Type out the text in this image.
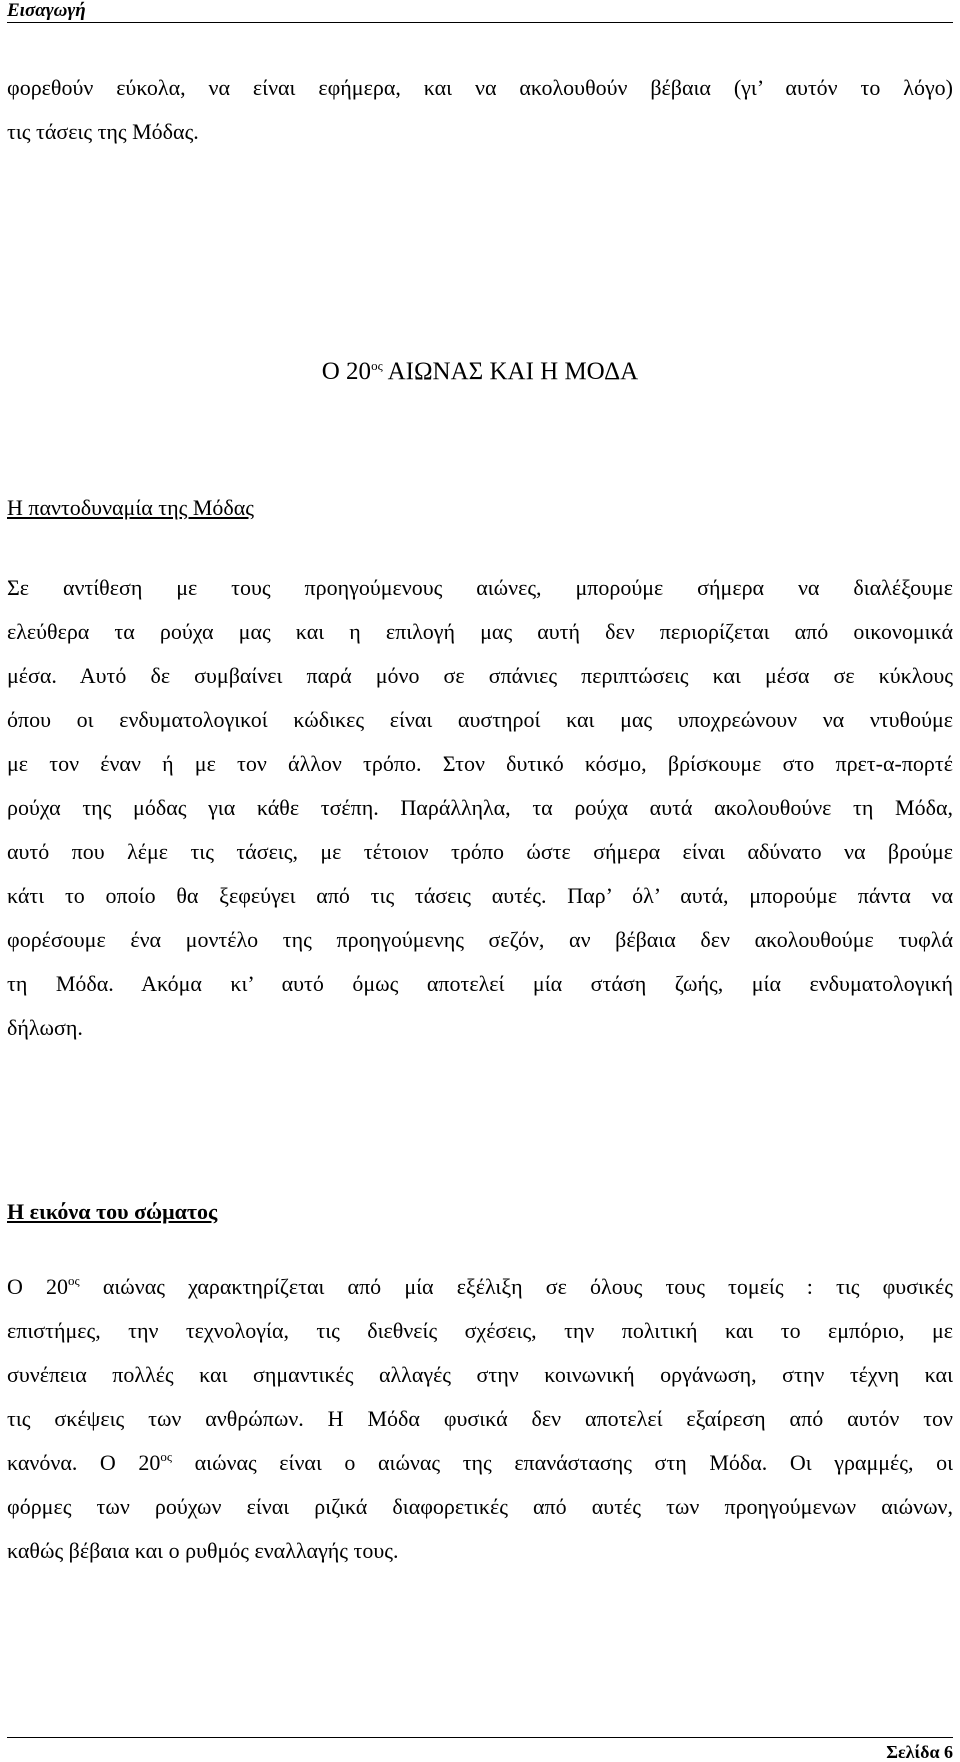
Εισαγωγή
φορεθούν εύκολα, να είναι εφήμερα, και να ακολουθούν βέβαια (γι’ αυτόν το λόγο)
τις τάσεις της Μόδας.
Ο $20^{o\varsigma}$ ΑΙΩΝΑΣ ΚΑΙ Η ΜΟΔΑ
Η παντοδυναμία της Μόδας
Σε αντίθεση με τους προηγούμενους αιώνες, μπορούμε σήμερα να διαλέξουμε
ελεύθερα τα ρούχα μας και η επιλογή μας αυτή δεν περιορίζεται από οικονομικά
μέσα. Αυτό δε συμβαίνει παρά μόνο σε σπάνιες περιπτώσεις και μέσα σε κύκλους
όπου οι ενδυματολογικοί κώδικες είναι αυστηροί και μας υποχρεώνουν να ντυθούμε
με τον έναν ή με τον άλλον τρόπο. Στον δυτικό κόσμο, βρίσκουμε στο πρετ-α-πορτέ
ρούχα της μόδας για κάθε τσέπη. Παράλληλα, τα ρούχα αυτά ακολουθούνε τη Μόδα,
αυτό που λέμε τις τάσεις, με τέτοιον τρόπο ώστε σήμερα είναι αδύνατο να βρούμε
κάτι το οποίο θα ξεφεύγει από τις τάσεις αυτές. Παρ’ όλ’ αυτά, μπορούμε πάντα να
φορέσουμε ένα μοντέλο της προηγούμενης σεζόν, αν βέβαια δεν ακολουθούμε τυφλά
τη Μόδα. Ακόμα κι’ αυτό όμως αποτελεί μία στάση ζωής, μία ενδυματολογική
δήλωση.
Η εικόνα του σώματος
Ο $20^{o\varsigma}$ αιώνας χαρακτηρίζεται από μία εξέλιξη σε όλους τους τομείς : τις φυσικές
επιστήμες, την τεχνολογία, τις διεθνείς σχέσεις, την πολιτική και το εμπόριο, με
συνέπεια πολλές και σημαντικές αλλαγές στην κοινωνική οργάνωση, στην τέχνη και
τις σκέψεις των ανθρώπων. Η Μόδα φυσικά δεν αποτελεί εξαίρεση από αυτόν τον
κανόνα. Ο $20^{o\varsigma}$ αιώνας είναι ο αιώνας της επανάστασης στη Μόδα. Οι γραμμές, οι
φόρμες των ρούχων είναι ριζικά διαφορετικές από αυτές των προηγούμενων αιώνων,
καθώς βέβαια και ο ρυθμός εναλλαγής τους.
Σελίδα 6
